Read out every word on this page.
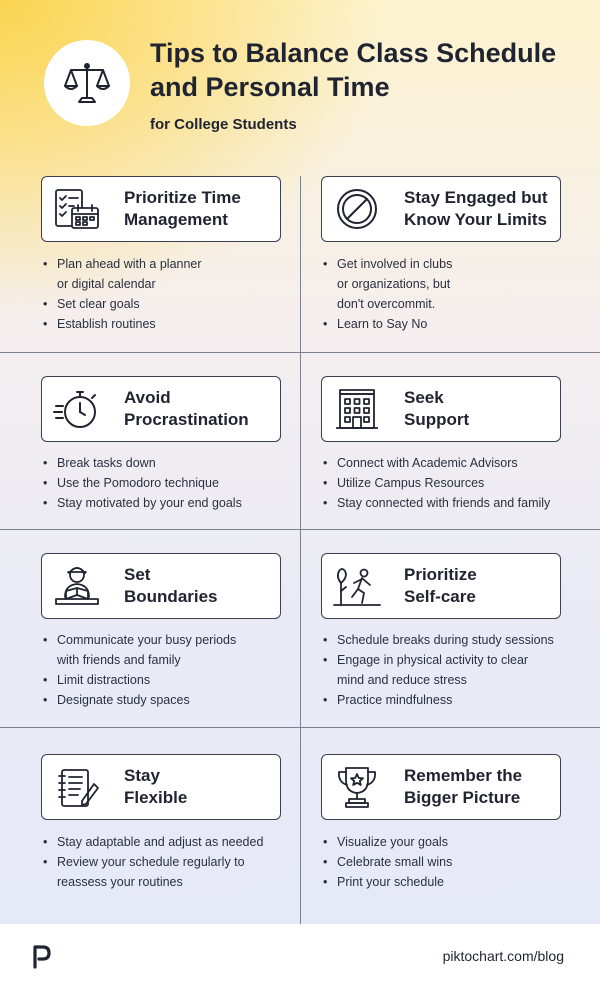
Tips to Balance Class Schedule and Personal Time
for College Students
Prioritize Time
Management
• Plan ahead with a planner
or digital calendar
• Set clear goals
• Establish routines
Stay Engaged but
Know Your Limits
• Get involved in clubs
or organizations, but
don't overcommit.
• Learn to Say No
Avoid
Procrastination
• Break tasks down
• Use the Pomodoro technique
• Stay motivated by your end goals
Seek
Support
• Connect with Academic Advisors
• Utilize Campus Resources
• Stay connected with friends and family
Set
Boundaries
• Communicate your busy periods
with friends and family
• Limit distractions
• Designate study spaces
Prioritize
Self-care
• Schedule breaks during study sessions
• Engage in physical activity to clear
mind and reduce stress
• Practice mindfulness
Stay
Flexible
• Stay adaptable and adjust as needed
• Review your schedule regularly to
reassess your routines
Remember the
Bigger Picture
• Visualize your goals
• Celebrate small wins
• Print your schedule
piktochart.com/blog
